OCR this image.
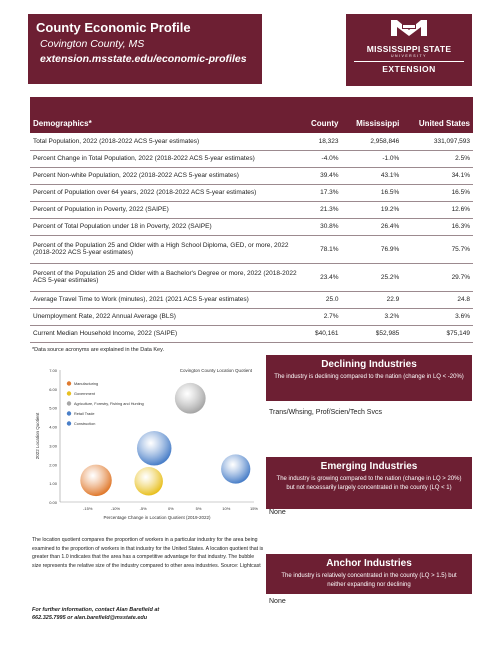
County Economic Profile
Covington County, MS
extension.msstate.edu/economic-profiles
MISSISSIPPI STATE
UNIVERSITY
EXTENSION
Demographics*	County	Mississippi	United States
Total Population, 2022 (2018-2022 ACS 5-year estimates)	18,323	2,958,846	331,097,593
Percent Change in Total Population, 2022 (2018-2022 ACS 5-year estimates)	-4.0%	-1.0%	2.5%
Percent Non-white Population, 2022 (2018-2022 ACS 5-year estimates)	39.4%	43.1%	34.1%
Percent of Population over 64 years, 2022 (2018-2022 ACS 5-year estimates)	17.3%	16.5%	16.5%
Percent of Population in Poverty, 2022 (SAIPE)	21.3%	19.2%	12.6%
Percent of Total Population under 18 in Poverty, 2022 (SAIPE)	30.8%	26.4%	16.3%
Percent of the Population 25 and Older with a High School Diploma, GED, or more, 2022 (2018-2022 ACS 5-year estimates)	78.1%	76.9%	75.7%
Percent of the Population 25 and Older with a Bachelor's Degree or more, 2022 (2018-2022 ACS 5-year estimates)	23.4%	25.2%	29.7%
Average Travel Time to Work (minutes), 2021 (2021 ACS 5-year estimates)	25.0	22.9	24.8
Unemployment Rate, 2022 Annual Average (BLS)	2.7%	3.2%	3.6%
Current Median Household Income, 2022 (SAIPE)	$40,161	$52,985	$75,149
*Data source acronyms are explained in the Data Key.
0.00
1.00
2.00
3.00
4.00
5.00
6.00
7.00
-15%	-10%	-5%	0%	5%	10%	15%
Percentage Change in Location Quotient (2019-2022)
2022 Location Quotient
Covington County Location Quotient
Manufacturing
Government
Agriculture, Forestry, Fishing and Hunting
Retail Trade
Construction
The location quotient compares the proportion of workers in a particular industry for the area being examined to the proportion of workers in that industry for the United States. A location quotient that is greater than 1.0 indicates that the area has a competitive advantage for that industry. The bubble size represents the relative size of the industry compared to other area industries. Source: Lightcast
For further information, contact Alan Barefield at
662.325.7995 or alan.barefield@msstate.edu
Declining Industries
The industry is declining compared to the nation (change in LQ < -20%)
Trans/Whsing, Prof/Scien/Tech Svcs
Emerging Industries
The industry is growing compared to the nation (change in LQ > 20%) but not necessarily largely concentrated in the county (LQ < 1)
None
Anchor Industries
The industry is relatively concentrated in the county (LQ > 1.5) but neither expanding nor declining
None
